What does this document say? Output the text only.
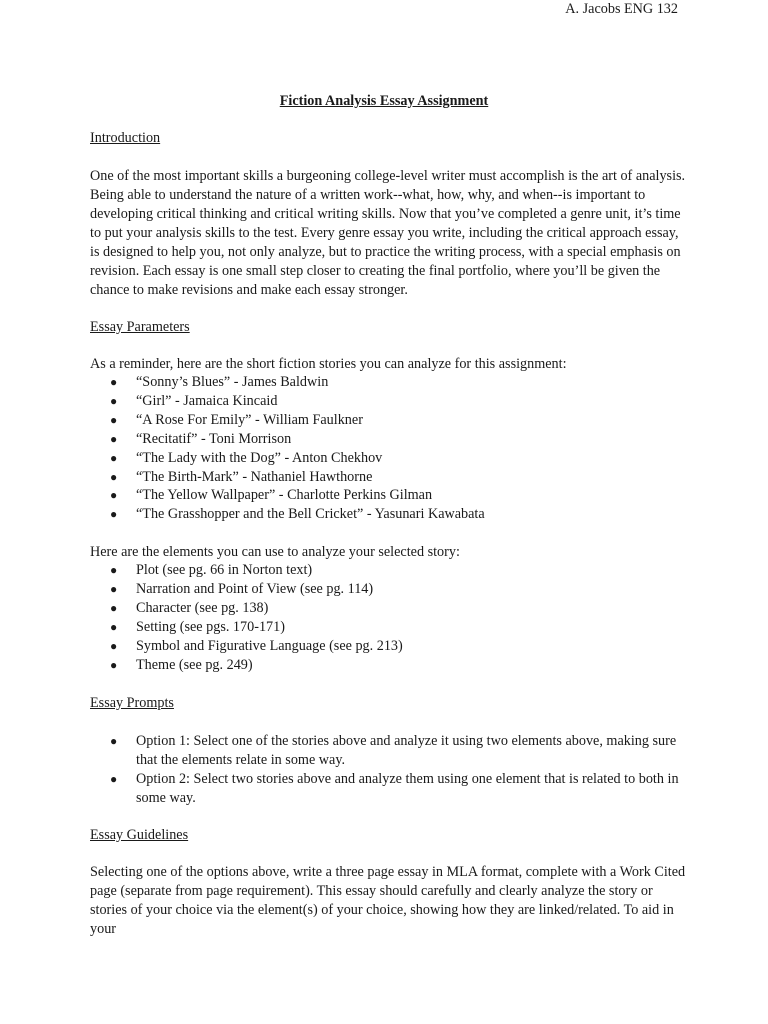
A. Jacobs ENG 132
Fiction Analysis Essay Assignment
Introduction

One of the most important skills a burgeoning college-level writer must accomplish is the art of analysis. Being able to understand the nature of a written work--what, how, why, and when--is important to developing critical thinking and critical writing skills. Now that you’ve completed a genre unit, it’s time to put your analysis skills to the test. Every genre essay you write, including the critical approach essay, is designed to help you, not only analyze, but to practice the writing process, with a special emphasis on revision. Each essay is one small step closer to creating the final portfolio, where you’ll be given the chance to make revisions and make each essay stronger.

Essay Parameters

As a reminder, here are the short fiction stories you can analyze for this assignment:

● “Sonny’s Blues” - James Baldwin
● “Girl” - Jamaica Kincaid
● “A Rose For Emily” - William Faulkner
● “Recitatif” - Toni Morrison
● “The Lady with the Dog” - Anton Chekhov
● “The Birth-Mark” - Nathaniel Hawthorne
● “The Yellow Wallpaper” - Charlotte Perkins Gilman
● “The Grasshopper and the Bell Cricket” - Yasunari Kawabata

Here are the elements you can use to analyze your selected story:

● Plot (see pg. 66 in Norton text)
● Narration and Point of View (see pg. 114)
● Character (see pg. 138)
● Setting (see pgs. 170-171)
● Symbol and Figurative Language (see pg. 213)
● Theme (see pg. 249)
Essay Prompts
● Option 1: Select one of the stories above and analyze it using two elements above, making sure that the elements relate in some way.
● Option 2: Select two stories above and analyze them using one element that is related to both in some way.
Essay Guidelines

Selecting one of the options above, write a three page essay in MLA format, complete with a Work Cited page (separate from page requirement). This essay should carefully and clearly analyze the story or stories of your choice via the element(s) of your choice, showing how they are linked/related. To aid in your
